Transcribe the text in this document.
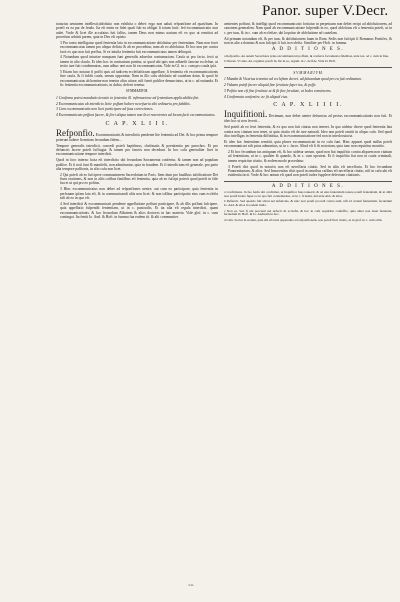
Panor. super V.Decr.

tratarius uentatem intellexit;abfolutio non exhibita o debet: ergo non ualuit refponfione ad quasfitum. In poteft ex ea par de feudo. Ita eft enim ea fidei quafi fub ea obligat fi totum facit: fed excommunicatio non ualet. Vnde & licet ille accufatus fuit falfus, tamen Deus non minus uarium eft ex quo ut remittat ad procefum arbitrii parem, quia in Deo eft opinio.

3 Pro tanto intelligatur quod fententia lata in excommunicatione abfoluitur per fententiam. Nam non foret excommunicatus tamen pro aliquo delicto & ab eo proceditur, nam ab eo abfoluitur. Et hoc non per contra facit ex quo non fuit preffus, Si ex iniufta fententia fuit excommunicatus tamen delinquit.

4 Notandum quod iniuriae nunquam funt generalis aduerfus contumaciam. Caufa ut pro facto, fecit ut tamen in alio claufa. Et ideo hoc in contrarium ponitur, ut quod ubi quis non adhaefit fanctae ecclefiae, ut tertio iure fuit condemnatus, cum adhuc ueri non fit excommunicatus. Vide in Gl. in c. cum pro caufa ipfa.

5 Etiam hoc notatur fi poffit quis ad iudicem ecclefiafticum appellare, fi fententia eft excommunicationis fine caufa, & fi fubfit caufa, uerum opponitur, Nam in illo cafu abfolutio ad cautelam datur, & quod fit excommunicatus ab homine non tenetur alios uitare, nifi fuerit publice denunciatus, ut in c. ad euitanda. Et fic fententia excommunicationis, in dubio, deferri tenetur.

SVMMARIVM.

1 Confirma potest mandatio iteratio in fententia ill. infirmacione ad fententiam applicabilita fint.

2 Excommunicatus ab interdicto licite poffunt habere necefsaria sibi ordinaria pro fubditis.

3 Cum excommunicatis non licet participare ad fuas correctiones.

4 Excommunicato poffunt facere, & fieri aliqua tamen non licet reuertentes ad locum facti excommunicatos.

C A P. X L I I I.

Refponfio. Excommunicatis & interdictis pendente lite fententia ad Dei. & hoc prima tempore poterunt habere licentiam fecundum fidem...

Tempore generalis interdicti, concedi poteft baptifmus, chrifmatis & poenitentia per parochos. Et pro defunctis facere poteft fuffragia: & tamen pro fanctis non decedunt. In hoc cafu generaliter licet in excommunicatione tempore interdicti.

Quod in foro interno facta eft interdictio ubi fecundum Sacramenta confertur, & tamen non ad populum publice. Et fi noti funt & manifefti, non admittuntur, quia in fraudem. Et fi interdictum eft generale, pro parte alia tempore paffionis, in alio cafu non licet.

2 Qui poteft ab eo fufcipere communionem Sacerdotum in Paris. Item dum pro laudibus iuftificatione Dei fiunt orationes, & non in aliis cafibus fimilibus eft fententia, quia ab eo fufcipi poterit quod poteft in fide fua et ut qui pro eo pofitus.

3 Hinc excommunicatus non debet ad refponfiones uenire, aut cum eo participare, quia fententia in perfonam ipfam lata eft, & in communicandi aliis non licet: & non tollitur participatio eius cum ecclefia nifi ab eo in quo eft.

4 Sed interdicti & excommunicati pendente appellatione poffunt participare, & ab illis poffunt fufcipere, quia appellatio fufpendit fententiam, ut in c. pastoralis. Et ita alia eft regula interdicti, quam excommunicationis. & hoc fecundum Abbatem & alios doctores in hac materia. Vide glof. in c. cum contingat. Ita fentit Io. And. & Hoft. in fumma fua eodem tit. & alii communiter.

uenientes poffunt, & intelligi quod excommunicatio fortiatur in perpetuum non debet recipi ad abfolutionem, ad canonem generalem. Nam quod ab excommunicatione fufpendit in eo, quod abfolutus eft a fententia poteft, ut in c. per tuas, & in c. cum ab ecclefiae, ubi loquitur de abfolutione ad cautelam.

Ad primum notandum eft, & per tuas, & abfolutionem fuam in Rom. Sedis non fufcipit fi Romanus Pontifex, & non in alio a domino & non fufcipit fi fuit in ecclefia. Similiter per Hoft. in fumma.

A D D I T I O N E S.

a Refponfio. An autem Sacerdotes prius excommunicati poffunt, & conferre facramenta fidelibus, uide not. ad c. cum in fine.

b Dicens. Vt ante. An cognitus poteft In. De in eo, argum. in c. de fide. Vide D. Hoft.

S V M M A R I V M.

1 Mandat & Vicarius tenentur ad ecclefiam decret. ad faluandum quod pro ea fuit ordinatum.

2 Viduam poteft facere aliquid fine feruitute fuper ius, & poffe.

3 Pofitio non eft fine feruitute ut & fit fine feruitute, ut Iudex conuincens.

4 Confirmata confentire, ne fit aliquid eius.

C A P. X L I I I I.

Inquifitioni. Decimum, non debet uenire defunctus ad pectus excommunicationis non fuit. Et ideo hoc ut non fecerit...

Sed poteft ab eo ferri fententia, & ex quo non fuit citatus non teneret. In quo uidetur dicere quod fententia lata contra non citatum non tenet, ut quia citatio eft de iure naturali. Ideo non poteft omitti in aliquo cafu. Sed quod dico intelligas in fententia diffinitiua, & in excommunicatione fed non in interlocutoria.

Et ideo hoc fententiam remittit, quia plures excommunicati in eo cafu funt. Hinc apparet quod nullus poteft excommunicari nifi prius admonitus, ut in c. facro. Aliud eft fi fit notorium, quia tunc non requiritur monitio.

2 Et hoc fecundum ius antiquum eft, & hoc uidetur uerum, quod non fiat inquifitio contra aliquem non citatum ad fententiam, ut in c. qualiter & quando, & in c. cum oporteat. Et fi inquifitio fiat non in caufa criminali, tamen requiritur citatio, & eodem modo procedatur.

3 Poteft dici quod in notoriis non eft neceffaria citatio. Sed in aliis eft neceffaria. Et hoc fecundum Panormitanum, & alios. Sed Innocentius dicit quod in omnibus cafibus eft neceffaria citatio, nifi in cafu ubi eft euidentia facti. Vnde & hoc notum eft quod non poteft iudex fupplere defectum citationis.

A D D I T I O N E S.

a Confirmans. In fuo fenfu ubi confirmat, ut Inquifitor fuus tenuerit, & ad eius fententiam tenere poteft fententiam, & ut alibi non poteft Iudex fuper eo in quo fuit condemnatus, ut in c. fi iudex, ubi uide Abb. & alios.

b Defuncti. Sed quando fuit alicui uel defunctus, & tunc non poteft procedi contra eum, nifi ad certam fententiam, fecundum Io. And. & alios in eodem titulo.

c Non ea. Sed fi ubi peccauit uel defecit ab ecclefia, & hoc in cafu requiritur confeffio, quia aliter non tenet fententia, fecundum D. Hoft. & Io. Andream in hoc.

d Cafu. Sed ut in eodem, quia ubi eft iuris apparentia ad refponfionem, non poteft fieri citatio, ut in glof. in c. cum olim.

3.m.
